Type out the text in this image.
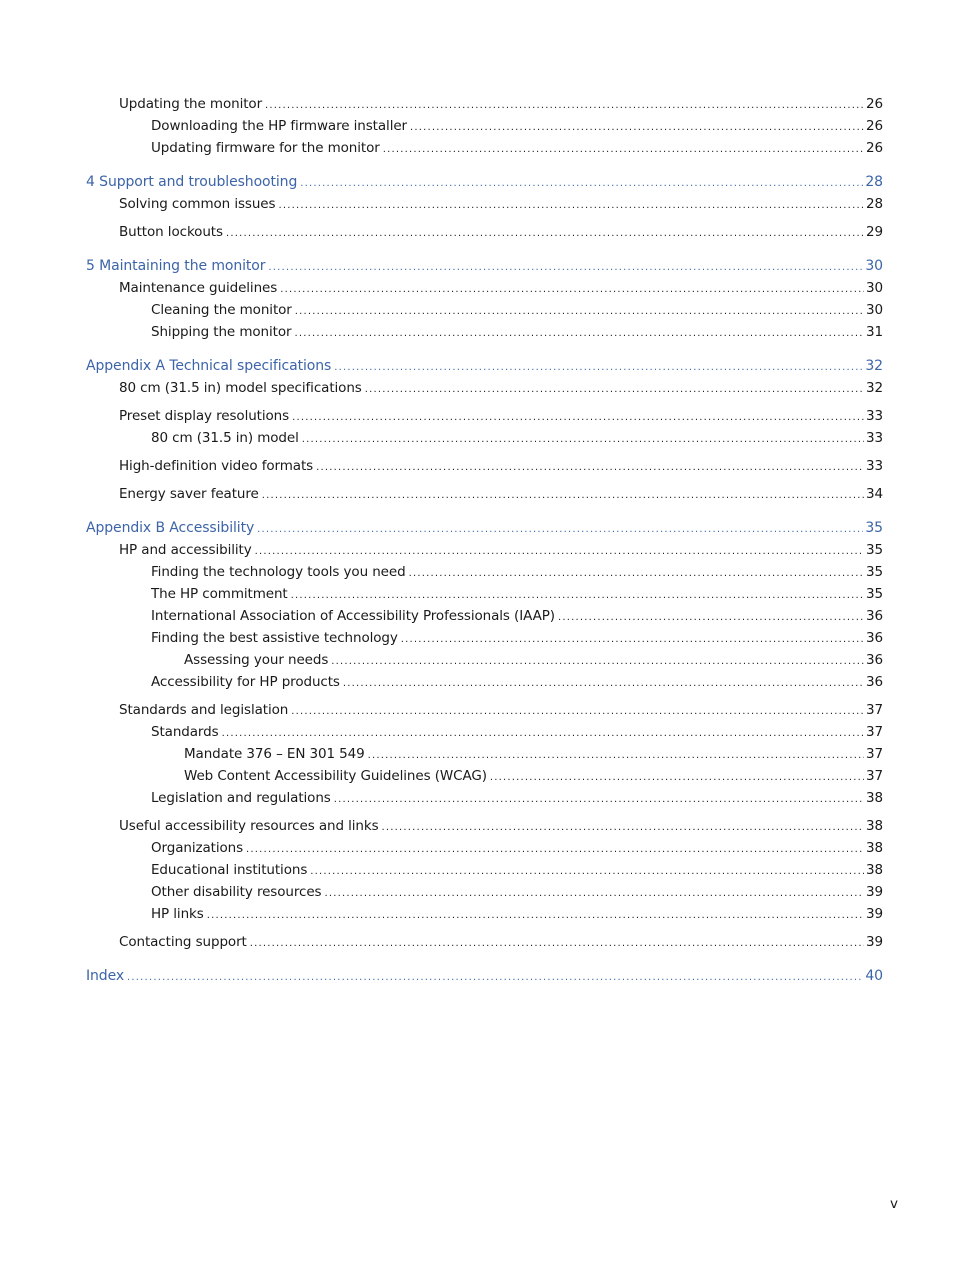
Updating the monitor .....	26
Downloading the HP firmware installer .....	26
Updating firmware for the monitor .....	26
4 Support and troubleshooting .....	28
Solving common issues .....	28
Button lockouts .....	29
5 Maintaining the monitor .....	30
Maintenance guidelines .....	30
Cleaning the monitor .....	30
Shipping the monitor .....	31
Appendix A Technical specifications .....	32
80 cm (31.5 in) model specifications .....	32
Preset display resolutions .....	33
80 cm (31.5 in) model .....	33
High-definition video formats .....	33
Energy saver feature .....	34
Appendix B Accessibility .....	35
HP and accessibility .....	35
Finding the technology tools you need .....	35
The HP commitment .....	35
International Association of Accessibility Professionals (IAAP) .....	36
Finding the best assistive technology .....	36
Assessing your needs .....	36
Accessibility for HP products .....	36
Standards and legislation .....	37
Standards .....	37
Mandate 376 – EN 301 549 .....	37
Web Content Accessibility Guidelines (WCAG) .....	37
Legislation and regulations .....	38
Useful accessibility resources and links .....	38
Organizations .....	38
Educational institutions .....	38
Other disability resources .....	39
HP links .....	39
Contacting support .....	39
Index .....	40
v
